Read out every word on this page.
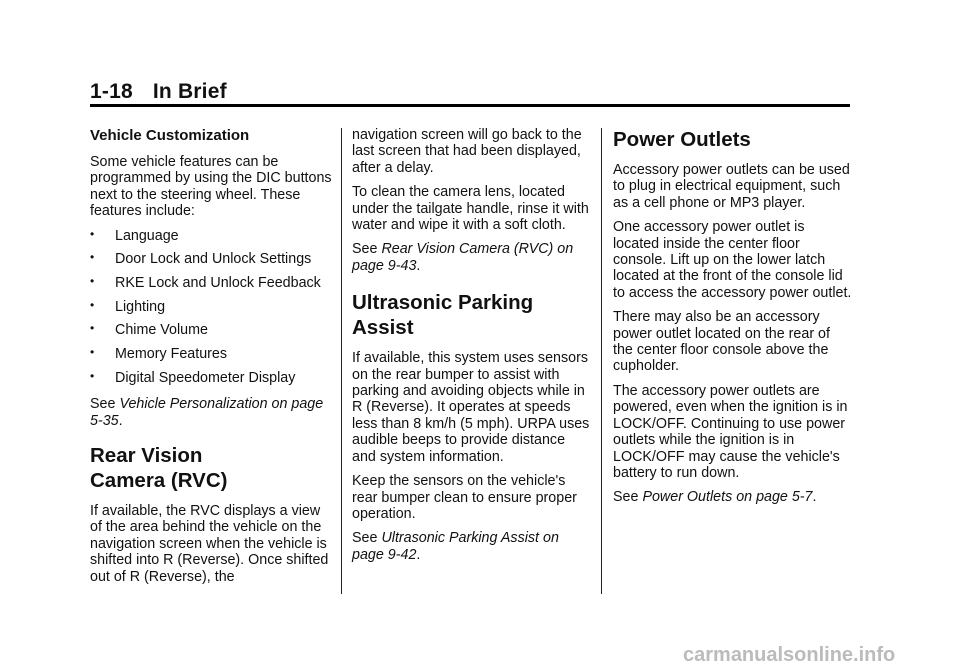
1-18 In Brief
Vehicle Customization

Some vehicle features can be programmed by using the DIC buttons next to the steering wheel. These features include:

• Language
• Door Lock and Unlock Settings
• RKE Lock and Unlock Feedback
• Lighting
• Chime Volume
• Memory Features
• Digital Speedometer Display

See Vehicle Personalization on page 5-35.

Rear Vision
Camera (RVC)

If available, the RVC displays a view of the area behind the vehicle on the navigation screen when the vehicle is shifted into R (Reverse). Once shifted out of R (Reverse), the

navigation screen will go back to the last screen that had been displayed, after a delay.

To clean the camera lens, located under the tailgate handle, rinse it with water and wipe it with a soft cloth.

See Rear Vision Camera (RVC) on page 9-43.

Ultrasonic Parking Assist

If available, this system uses sensors on the rear bumper to assist with parking and avoiding objects while in R (Reverse). It operates at speeds less than 8 km/h (5 mph). URPA uses audible beeps to provide distance and system information.

Keep the sensors on the vehicle's rear bumper clean to ensure proper operation.

See Ultrasonic Parking Assist on page 9-42.

Power Outlets

Accessory power outlets can be used to plug in electrical equipment, such as a cell phone or MP3 player.

One accessory power outlet is located inside the center floor console. Lift up on the lower latch located at the front of the console lid to access the accessory power outlet.

There may also be an accessory power outlet located on the rear of the center floor console above the cupholder.

The accessory power outlets are powered, even when the ignition is in LOCK/OFF. Continuing to use power outlets while the ignition is in LOCK/OFF may cause the vehicle's battery to run down.

See Power Outlets on page 5-7.

carmanualsonline.info
